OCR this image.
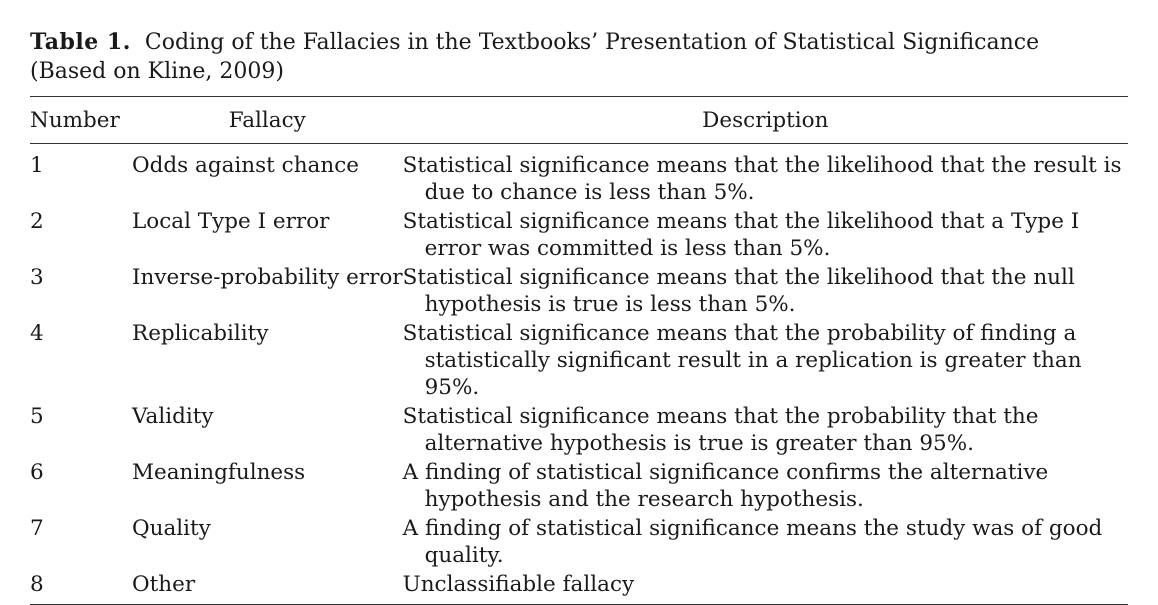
Table 1. Coding of the Fallacies in the Textbooks’ Presentation of Statistical Significance (Based on Kline, 2009)

Number	Fallacy	Description
1	Odds against chance	Statistical significance means that the likelihood that the result is due to chance is less than 5%.
2	Local Type I error	Statistical significance means that the likelihood that a Type I error was committed is less than 5%.
3	Inverse-probability error	Statistical significance means that the likelihood that the null hypothesis is true is less than 5%.
4	Replicability	Statistical significance means that the probability of finding a statistically significant result in a replication is greater than 95%.
5	Validity	Statistical significance means that the probability that the alternative hypothesis is true is greater than 95%.
6	Meaningfulness	A finding of statistical significance confirms the alternative hypothesis and the research hypothesis.
7	Quality	A finding of statistical significance means the study was of good quality.
8	Other	Unclassifiable fallacy
